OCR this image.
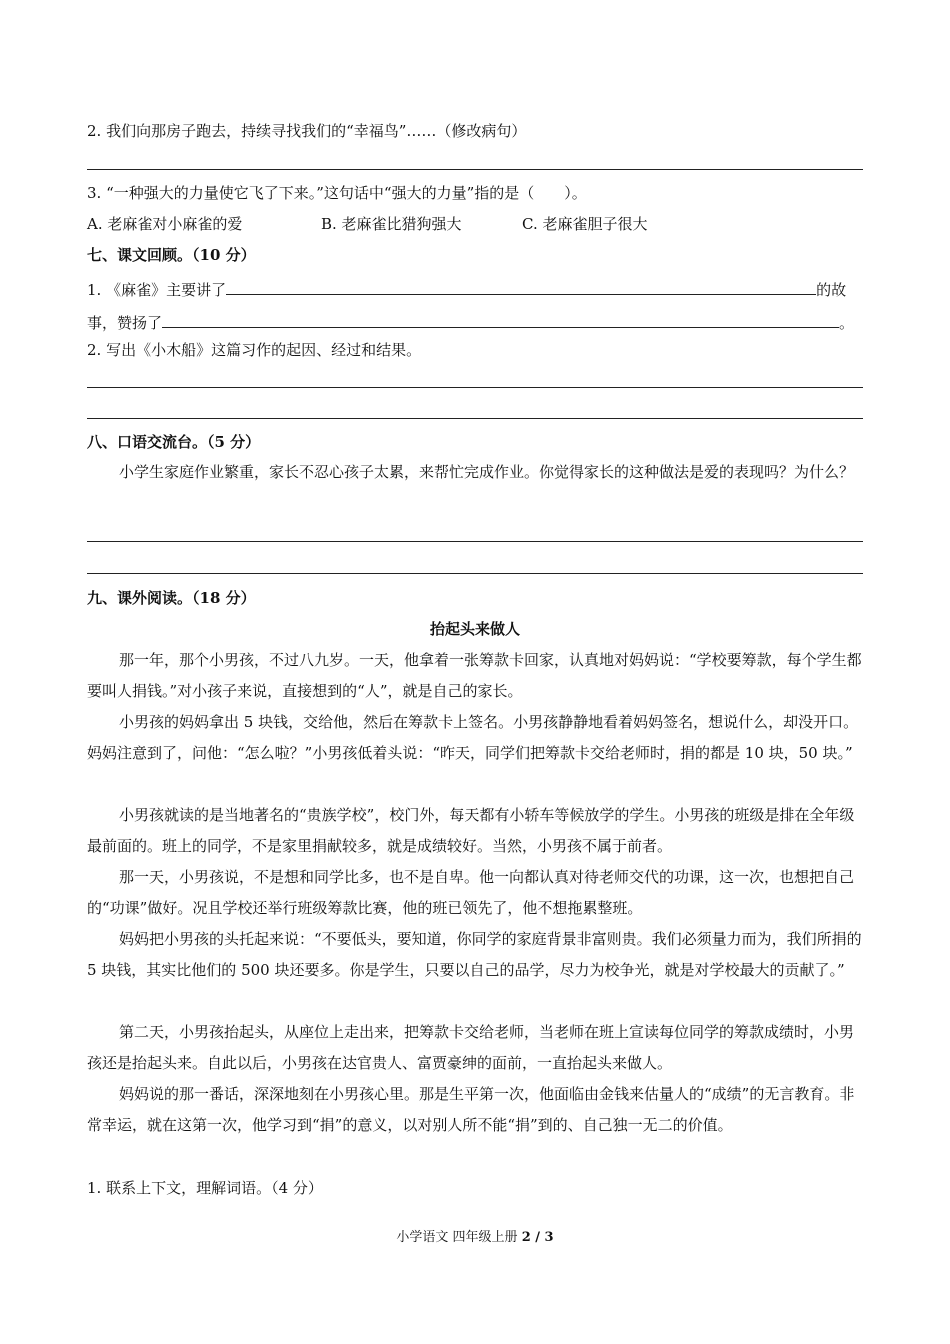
2. 我们向那房子跑去，持续寻找我们的“幸福鸟”……（修改病句）
3. “一种强大的力量使它飞了下来。”这句话中“强大的力量”指的是（　　）。
A. 老麻雀对小麻雀的爱	B. 老麻雀比猎狗强大	C. 老麻雀胆子很大
七、课文回顾。（10 分）
1. 《麻雀》主要讲了	的故
事，赞扬了	。
2. 写出《小木船》这篇习作的起因、经过和结果。
八、口语交流台。（5 分）
小学生家庭作业繁重，家长不忍心孩子太累，来帮忙完成作业。你觉得家长的这种做法是爱的表现吗？为什么？
九、课外阅读。（18 分）
抬起头来做人
那一年，那个小男孩，不过八九岁。一天，他拿着一张筹款卡回家，认真地对妈妈说：“学校要筹款，每个学生都要叫人捐钱。”对小孩子来说，直接想到的“人”，就是自己的家长。
小男孩的妈妈拿出 5 块钱，交给他，然后在筹款卡上签名。小男孩静静地看着妈妈签名，想说什么，却没开口。妈妈注意到了，问他：“怎么啦？”小男孩低着头说：“昨天，同学们把筹款卡交给老师时，捐的都是 10 块，50 块。”
小男孩就读的是当地著名的“贵族学校”，校门外，每天都有小轿车等候放学的学生。小男孩的班级是排在全年级最前面的。班上的同学，不是家里捐献较多，就是成绩较好。当然，小男孩不属于前者。
那一天，小男孩说，不是想和同学比多，也不是自卑。他一向都认真对待老师交代的功课，这一次，也想把自己的“功课”做好。况且学校还举行班级筹款比赛，他的班已领先了，他不想拖累整班。
妈妈把小男孩的头托起来说：“不要低头，要知道，你同学的家庭背景非富则贵。我们必须量力而为，我们所捐的 5 块钱，其实比他们的 500 块还要多。你是学生，只要以自己的品学，尽力为校争光，就是对学校最大的贡献了。”
第二天，小男孩抬起头，从座位上走出来，把筹款卡交给老师，当老师在班上宣读每位同学的筹款成绩时，小男孩还是抬起头来。自此以后，小男孩在达官贵人、富贾豪绅的面前，一直抬起头来做人。
妈妈说的那一番话，深深地刻在小男孩心里。那是生平第一次，他面临由金钱来估量人的“成绩”的无言教育。非常幸运，就在这第一次，他学习到“捐”的意义，以对别人所不能“捐”到的、自己独一无二的价值。
1. 联系上下文，理解词语。（4 分）
小学语文 四年级上册 2 / 3
